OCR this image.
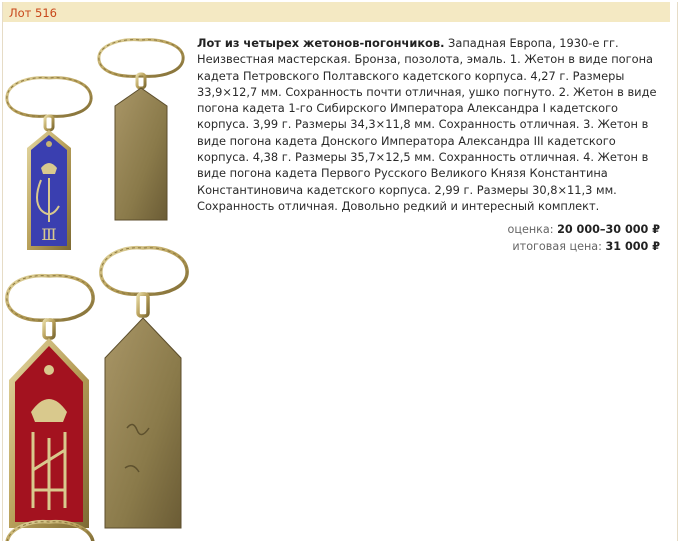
Лот 516
Ⅲ
Лот из четырех жетонов-погончиков. Западная Европа, 1930-е гг. Неизвестная мастерская. Бронза, позолота, эмаль. 1. Жетон в виде погона кадета Петровского Полтавского кадетского корпуса. 4,27 г. Размеры 33,9×12,7 мм. Сохранность почти отличная, ушко погнуто. 2. Жетон в виде погона кадета 1-го Сибирского Императора Александра I кадетского корпуса. 3,99 г. Размеры 34,3×11,8 мм. Сохранность отличная. 3. Жетон в виде погона кадета Донского Императора Александра III кадетского корпуса. 4,38 г. Размеры 35,7×12,5 мм. Сохранность отличная. 4. Жетон в виде погона кадета Первого Русского Великого Князя Константина Константиновича кадетского корпуса. 2,99 г. Размеры 30,8×11,3 мм. Сохранность отличная. Довольно редкий и интересный комплект.
оценка: 20 000–30 000 ₽
итоговая цена: 31 000 ₽
